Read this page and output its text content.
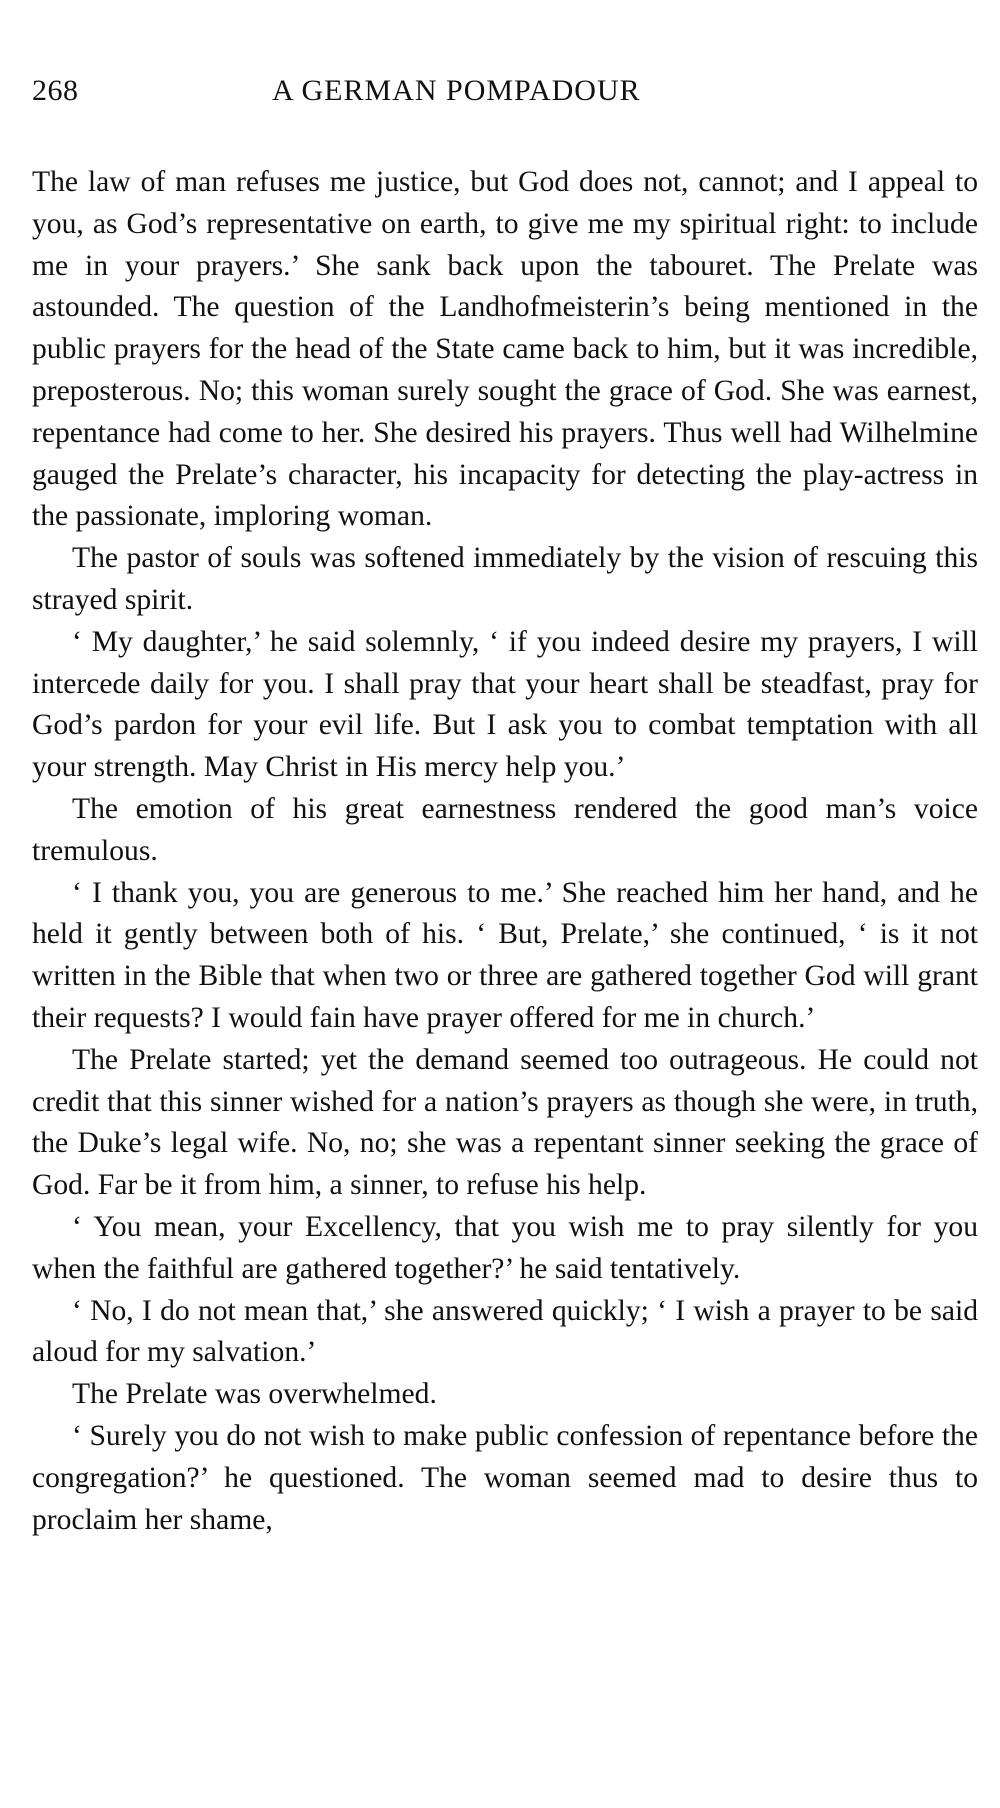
268	A GERMAN POMPADOUR

The law of man refuses me justice, but God does not, cannot; and I appeal to you, as God’s representative on earth, to give me my spiritual right: to include me in your prayers.’ She sank back upon the tabouret. The Prelate was astounded. The question of the Landhofmeisterin’s being mentioned in the public prayers for the head of the State came back to him, but it was incredible, preposterous. No; this woman surely sought the grace of God. She was earnest, repentance had come to her. She desired his prayers. Thus well had Wilhelmine gauged the Prelate’s character, his incapacity for detecting the play-actress in the passionate, imploring woman.

The pastor of souls was softened immediately by the vision of rescuing this strayed spirit.

‘ My daughter,’ he said solemnly, ‘ if you indeed desire my prayers, I will intercede daily for you. I shall pray that your heart shall be steadfast, pray for God’s pardon for your evil life. But I ask you to combat temptation with all your strength. May Christ in His mercy help you.’

The emotion of his great earnestness rendered the good man’s voice tremulous.

‘ I thank you, you are generous to me.’ She reached him her hand, and he held it gently between both of his. ‘ But, Prelate,’ she continued, ‘ is it not written in the Bible that when two or three are gathered together God will grant their requests? I would fain have prayer offered for me in church.’

The Prelate started; yet the demand seemed too outrageous. He could not credit that this sinner wished for a nation’s prayers as though she were, in truth, the Duke’s legal wife. No, no; she was a repentant sinner seeking the grace of God. Far be it from him, a sinner, to refuse his help.

‘ You mean, your Excellency, that you wish me to pray silently for you when the faithful are gathered together?’ he said tentatively.

‘ No, I do not mean that,’ she answered quickly; ‘ I wish a prayer to be said aloud for my salvation.’

The Prelate was overwhelmed.

‘ Surely you do not wish to make public confession of repentance before the congregation?’ he questioned. The woman seemed mad to desire thus to proclaim her shame,
